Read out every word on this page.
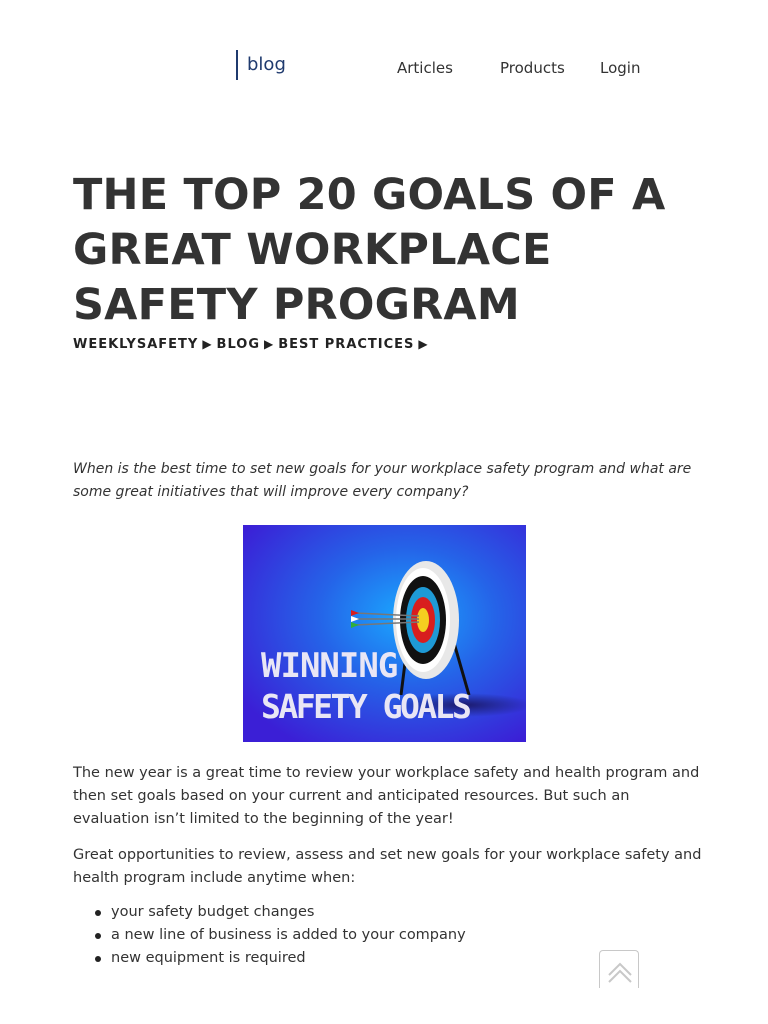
blog	Articles	Products Login
THE TOP 20 GOALS OF A GREAT WORKPLACE SAFETY PROGRAM
WEEKLYSAFETY ▶ BLOG ▶ BEST PRACTICES ▶

When is the best time to set new goals for your workplace safety program and what are some great initiatives that will improve every company?

WINNING
SAFETY GOALS

The new year is a great time to review your workplace safety and health program and then set goals based on your current and anticipated resources. But such an evaluation isn’t limited to the beginning of the year!

Great opportunities to review, assess and set new goals for your workplace safety and health program include anytime when:

your safety budget changes
a new line of business is added to your company
new equipment is required
